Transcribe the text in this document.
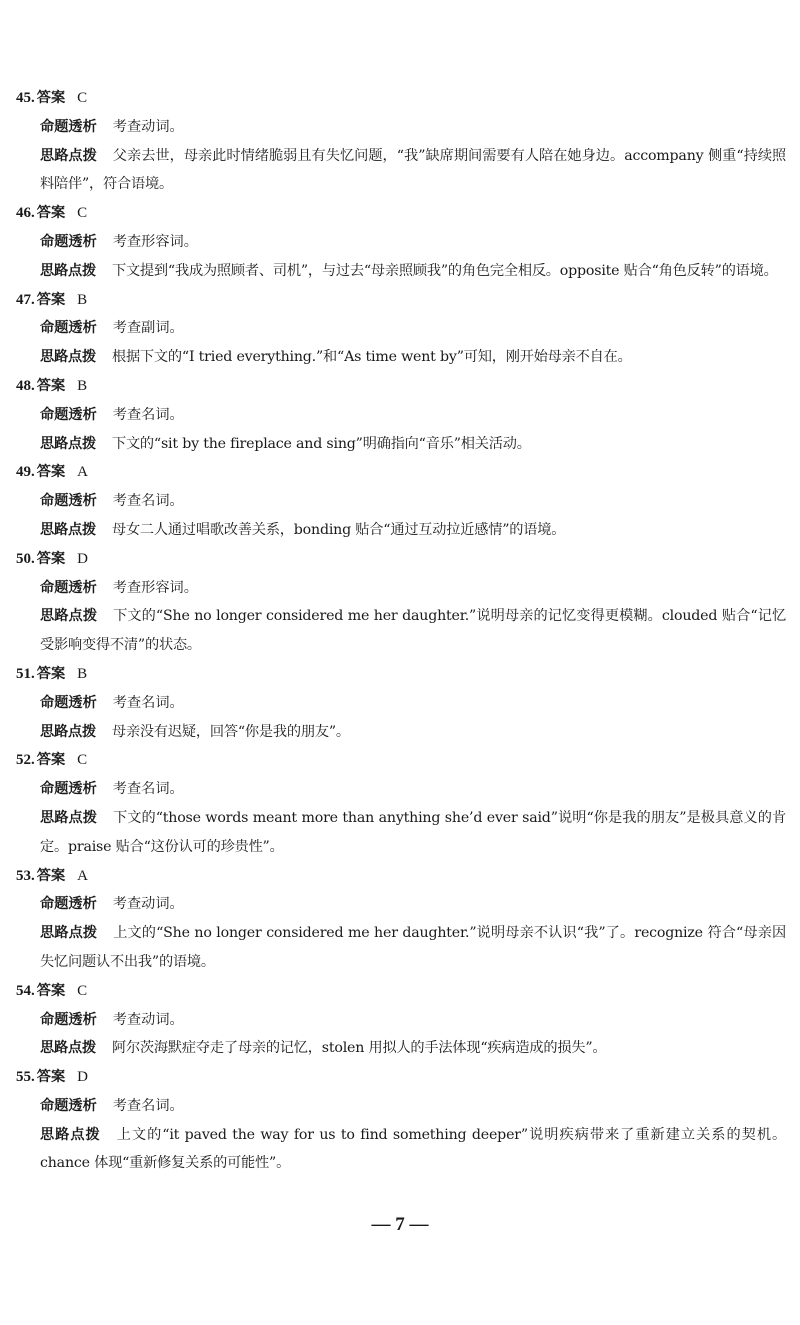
45. 答案 C
命题透析 考查动词。
思路点拨 父亲去世，母亲此时情绪脆弱且有失忆问题，“我”缺席期间需要有人陪在她身边。accompany 侧重“持续照料陪伴”，符合语境。
46. 答案 C
命题透析 考查形容词。
思路点拨 下文提到“我成为照顾者、司机”，与过去“母亲照顾我”的角色完全相反。opposite 贴合“角色反转”的语境。
47. 答案 B
命题透析 考查副词。
思路点拨 根据下文的“I tried everything.”和“As time went by”可知，刚开始母亲不自在。
48. 答案 B
命题透析 考查名词。
思路点拨 下文的“sit by the fireplace and sing”明确指向“音乐”相关活动。
49. 答案 A
命题透析 考查名词。
思路点拨 母女二人通过唱歌改善关系，bonding 贴合“通过互动拉近感情”的语境。
50. 答案 D
命题透析 考查形容词。
思路点拨 下文的“She no longer considered me her daughter.”说明母亲的记忆变得更模糊。clouded 贴合“记忆受影响变得不清”的状态。
51. 答案 B
命题透析 考查名词。
思路点拨 母亲没有迟疑，回答“你是我的朋友”。
52. 答案 C
命题透析 考查名词。
思路点拨 下文的“those words meant more than anything she’d ever said”说明“你是我的朋友”是极具意义的肯定。praise 贴合“这份认可的珍贵性”。
53. 答案 A
命题透析 考查动词。
思路点拨 上文的“She no longer considered me her daughter.”说明母亲不认识“我”了。recognize 符合“母亲因失忆问题认不出我”的语境。
54. 答案 C
命题透析 考查动词。
思路点拨 阿尔茨海默症夺走了母亲的记忆，stolen 用拟人的手法体现“疾病造成的损失”。
55. 答案 D
命题透析 考查名词。
思路点拨 上文的“it paved the way for us to find something deeper”说明疾病带来了重新建立关系的契机。chance 体现“重新修复关系的可能性”。
— 7 —
